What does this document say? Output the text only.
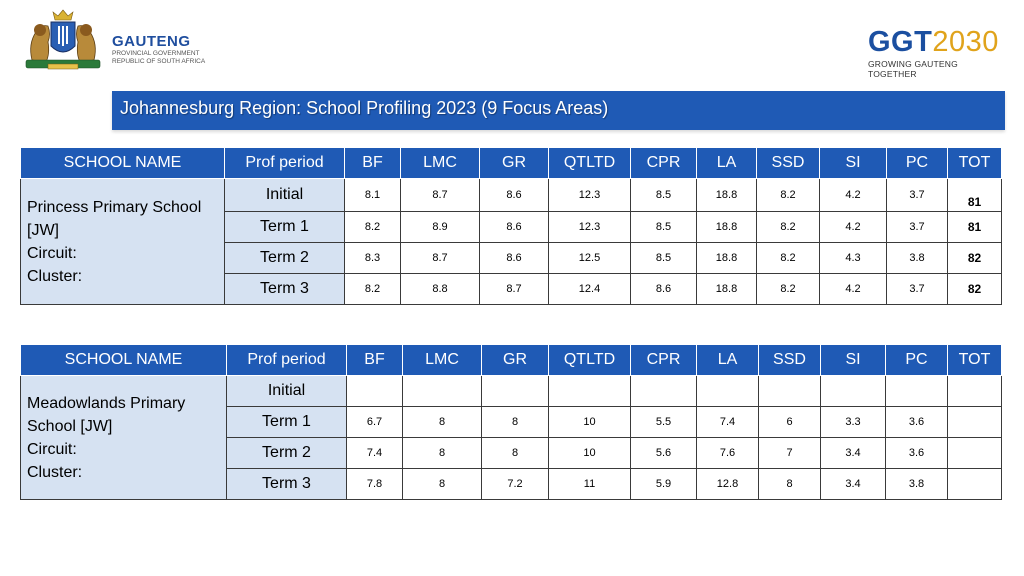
GAUTENG
PROVINCIAL GOVERNMENT
REPUBLIC OF SOUTH AFRICA
GGT2030
GROWING GAUTENG TOGETHER
Johannesburg Region: School Profiling 2023 (9 Focus Areas)
SCHOOL NAME	Prof period	BF	LMC	GR	QTLTD	CPR	LA	SSD	SI	PC	TOT

Princess Primary School
[JW]
Circuit:
Cluster:	Initial	8.1	8.7	8.6	12.3	8.5	18.8	8.2	4.2	3.7	81
	Term 1	8.2	8.9	8.6	12.3	8.5	18.8	8.2	4.2	3.7	81
	Term 2	8.3	8.7	8.6	12.5	8.5	18.8	8.2	4.3	3.8	82
	Term 3	8.2	8.8	8.7	12.4	8.6	18.8	8.2	4.2	3.7	82
SCHOOL NAME	Prof period	BF	LMC	GR	QTLTD	CPR	LA	SSD	SI	PC	TOT

Meadowlands Primary
School [JW]
Circuit:
Cluster:	Initial										
	Term 1	6.7	8	8	10	5.5	7.4	6	3.3	3.6	
	Term 2	7.4	8	8	10	5.6	7.6	7	3.4	3.6	
	Term 3	7.8	8	7.2	11	5.9	12.8	8	3.4	3.8	
